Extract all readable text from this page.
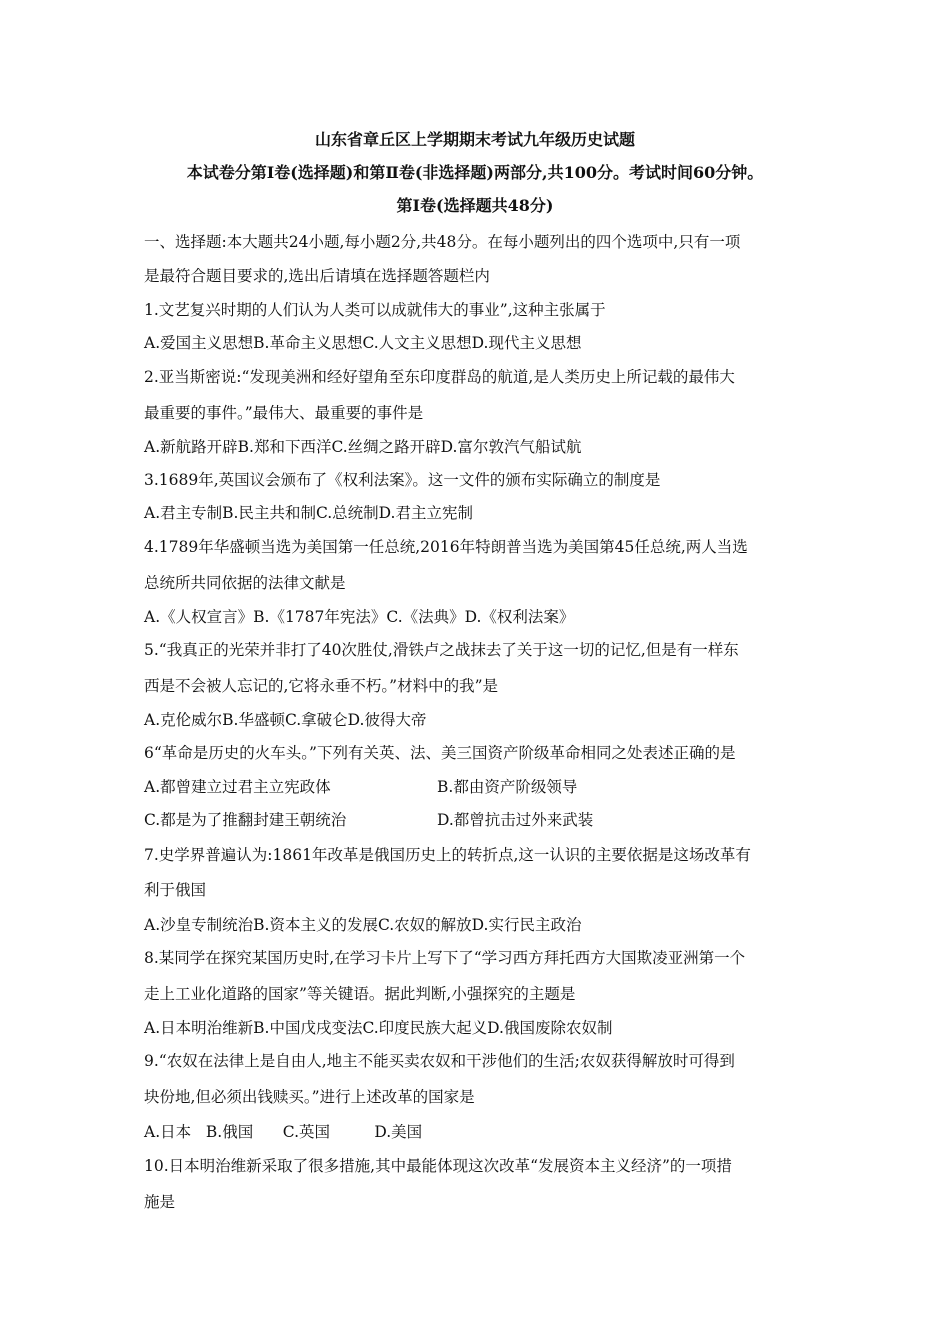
山东省章丘区上学期期末考试九年级历史试题
本试卷分第Ⅰ卷(选择题)和第Ⅱ卷(非选择题)两部分,共100分。考试时间60分钟。
第Ⅰ卷(选择题共48分)
一、选择题:本大题共24小题,每小题2分,共48分。在每小题列出的四个选项中,只有一项
是最符合题目要求的,选出后请填在选择题答题栏内
1.文艺复兴时期的人们认为人类可以成就伟大的事业”,这种主张属于
A.爱国主义思想B.革命主义思想C.人文主义思想D.现代主义思想
2.亚当斯密说:“发现美洲和经好望角至东印度群岛的航道,是人类历史上所记载的最伟大
最重要的事件。”最伟大、最重要的事件是
A.新航路开辟B.郑和下西洋C.丝绸之路开辟D.富尔敦汽气船试航
3.1689年,英国议会颁布了《权利法案》。这一文件的颁布实际确立的制度是
A.君主专制B.民主共和制C.总统制D.君主立宪制
4.1789年华盛顿当选为美国第一任总统,2016年特朗普当选为美国第45任总统,两人当选
总统所共同依据的法律文献是
A.《人权宣言》B.《1787年宪法》C.《法典》D.《权利法案》
5.“我真正的光荣并非打了40次胜仗,滑铁卢之战抹去了关于这一切的记忆,但是有一样东
西是不会被人忘记的,它将永垂不朽。”材料中的我”是
A.克伦威尔B.华盛顿C.拿破仑D.彼得大帝
6“革命是历史的火车头。”下列有关英、法、美三国资产阶级革命相同之处表述正确的是
A.都曾建立过君主立宪政体	B.都由资产阶级领导
C.都是为了推翻封建王朝统治	D.都曾抗击过外来武装
7.史学界普遍认为:1861年改革是俄国历史上的转折点,这一认识的主要依据是这场改革有
利于俄国
A.沙皇专制统治B.资本主义的发展C.农奴的解放D.实行民主政治
8.某同学在探究某国历史时,在学习卡片上写下了“学习西方拜托西方大国欺凌亚洲第一个
走上工业化道路的国家”等关键语。据此判断,小强探究的主题是
A.日本明治维新B.中国戊戌变法C.印度民族大起义D.俄国废除农奴制
9.“农奴在法律上是自由人,地主不能买卖农奴和干涉他们的生活;农奴获得解放时可得到
块份地,但必须出钱赎买。”进行上述改革的国家是
A.日本   B.俄国      C.英国         D.美国
10.日本明治维新采取了很多措施,其中最能体现这次改革“发展资本主义经济”的一项措
施是
